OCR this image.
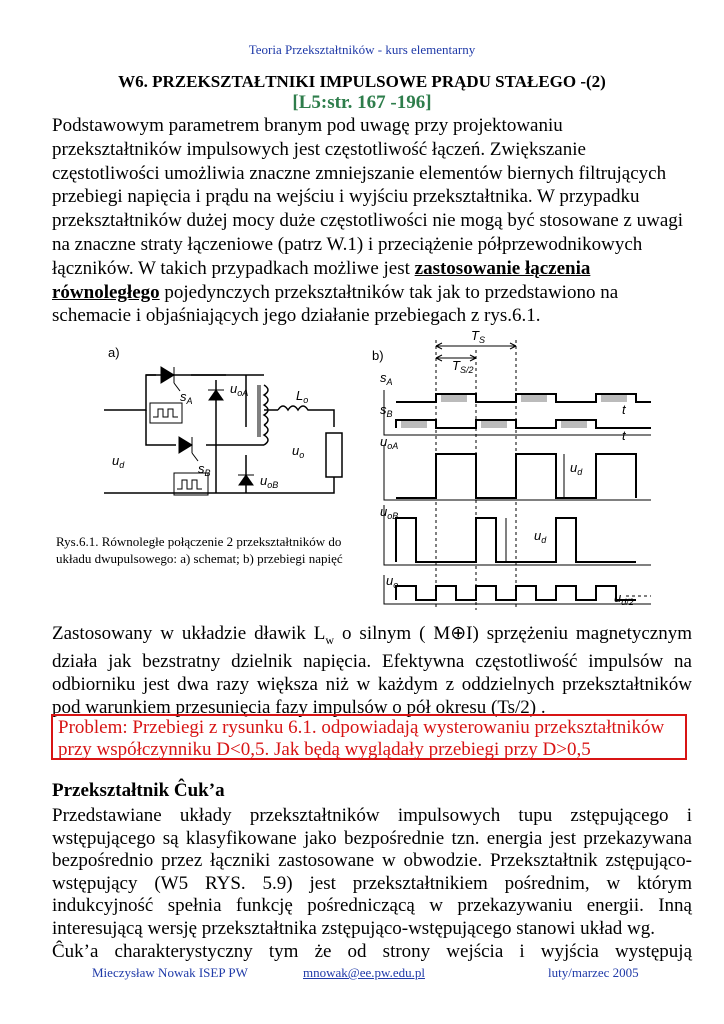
Teoria Przekształtników - kurs elementarny
W6. PRZEKSZTAŁTNIKI IMPULSOWE PRĄDU STAŁEGO -(2)
[L5:str. 167 -196]
Podstawowym parametrem branym pod uwagę przy projektowaniu przekształtników impulsowych jest częstotliwość łączeń. Zwiększanie częstotliwości umożliwia znaczne zmniejszanie elementów biernych filtrujących przebiegi napięcia i prądu na wejściu i wyjściu przekształtnika. W przypadku przekształtników dużej mocy duże częstotliwości nie mogą być stosowane z uwagi na znaczne straty łączeniowe (patrz W.1) i przeciążenie półprzewodnikowych łączników. W takich przypadkach możliwe jest zastosowanie łączenia równoległego pojedynczych przekształtników tak jak to przedstawiono na schemacie i objaśniających jego działanie przebiegach z rys.6.1.
a)
$s_A$
$s_B$
$u_{oA}$
$u_{oB}$
$L_o$
$u_d$
$u_o$
Rys.6.1. Równoległe połączenie 2 przekształtników do układu dwupulsowego: a) schemat; b) przebiegi napięć
b)
$T_S$
$T_{S/2}$
$s_A$
$s_B$	t
t
$u_{oA}$
$u_d$
$u_{oB}$
$u_d$
$u_o$
$u_{d/2}$
Zastosowany w układzie dławik $L_w$ o silnym ( M⊕I) sprzężeniu magnetycznym działa jak bezstratny dzielnik napięcia. Efektywna częstotliwość impulsów na odbiorniku jest dwa razy większa niż w każdym z oddzielnych przekształtników pod warunkiem przesunięcia fazy impulsów o pół okresu (Ts/2) .
Problem: Przebiegi z rysunku 6.1. odpowiadają wysterowaniu przekształtników przy współczynniku D<0,5. Jak będą wyglądały przebiegi przy D>0,5
Przekształtnik Ĉuk’a
Przedstawiane układy przekształtników impulsowych tupu zstępującego i wstępującego są klasyfikowane jako bezpośrednie tzn. energia jest przekazywana bezpośrednio przez łączniki zastosowane w obwodzie. Przekształtnik zstępująco-wstępujący (W5 RYS. 5.9) jest przekształtnikiem pośrednim, w którym indukcyjność spełnia funkcję pośredniczącą w przekazywaniu energii. Inną interesującą wersję przekształtnika zstępująco-wstępującego stanowi układ wg.
Ĉuk’a charakterystyczny tym że od strony wejścia i wyjścia występują
Mieczysław Nowak ISEP PW	mnowak@ee.pw.edu.pl	luty/marzec 2005
